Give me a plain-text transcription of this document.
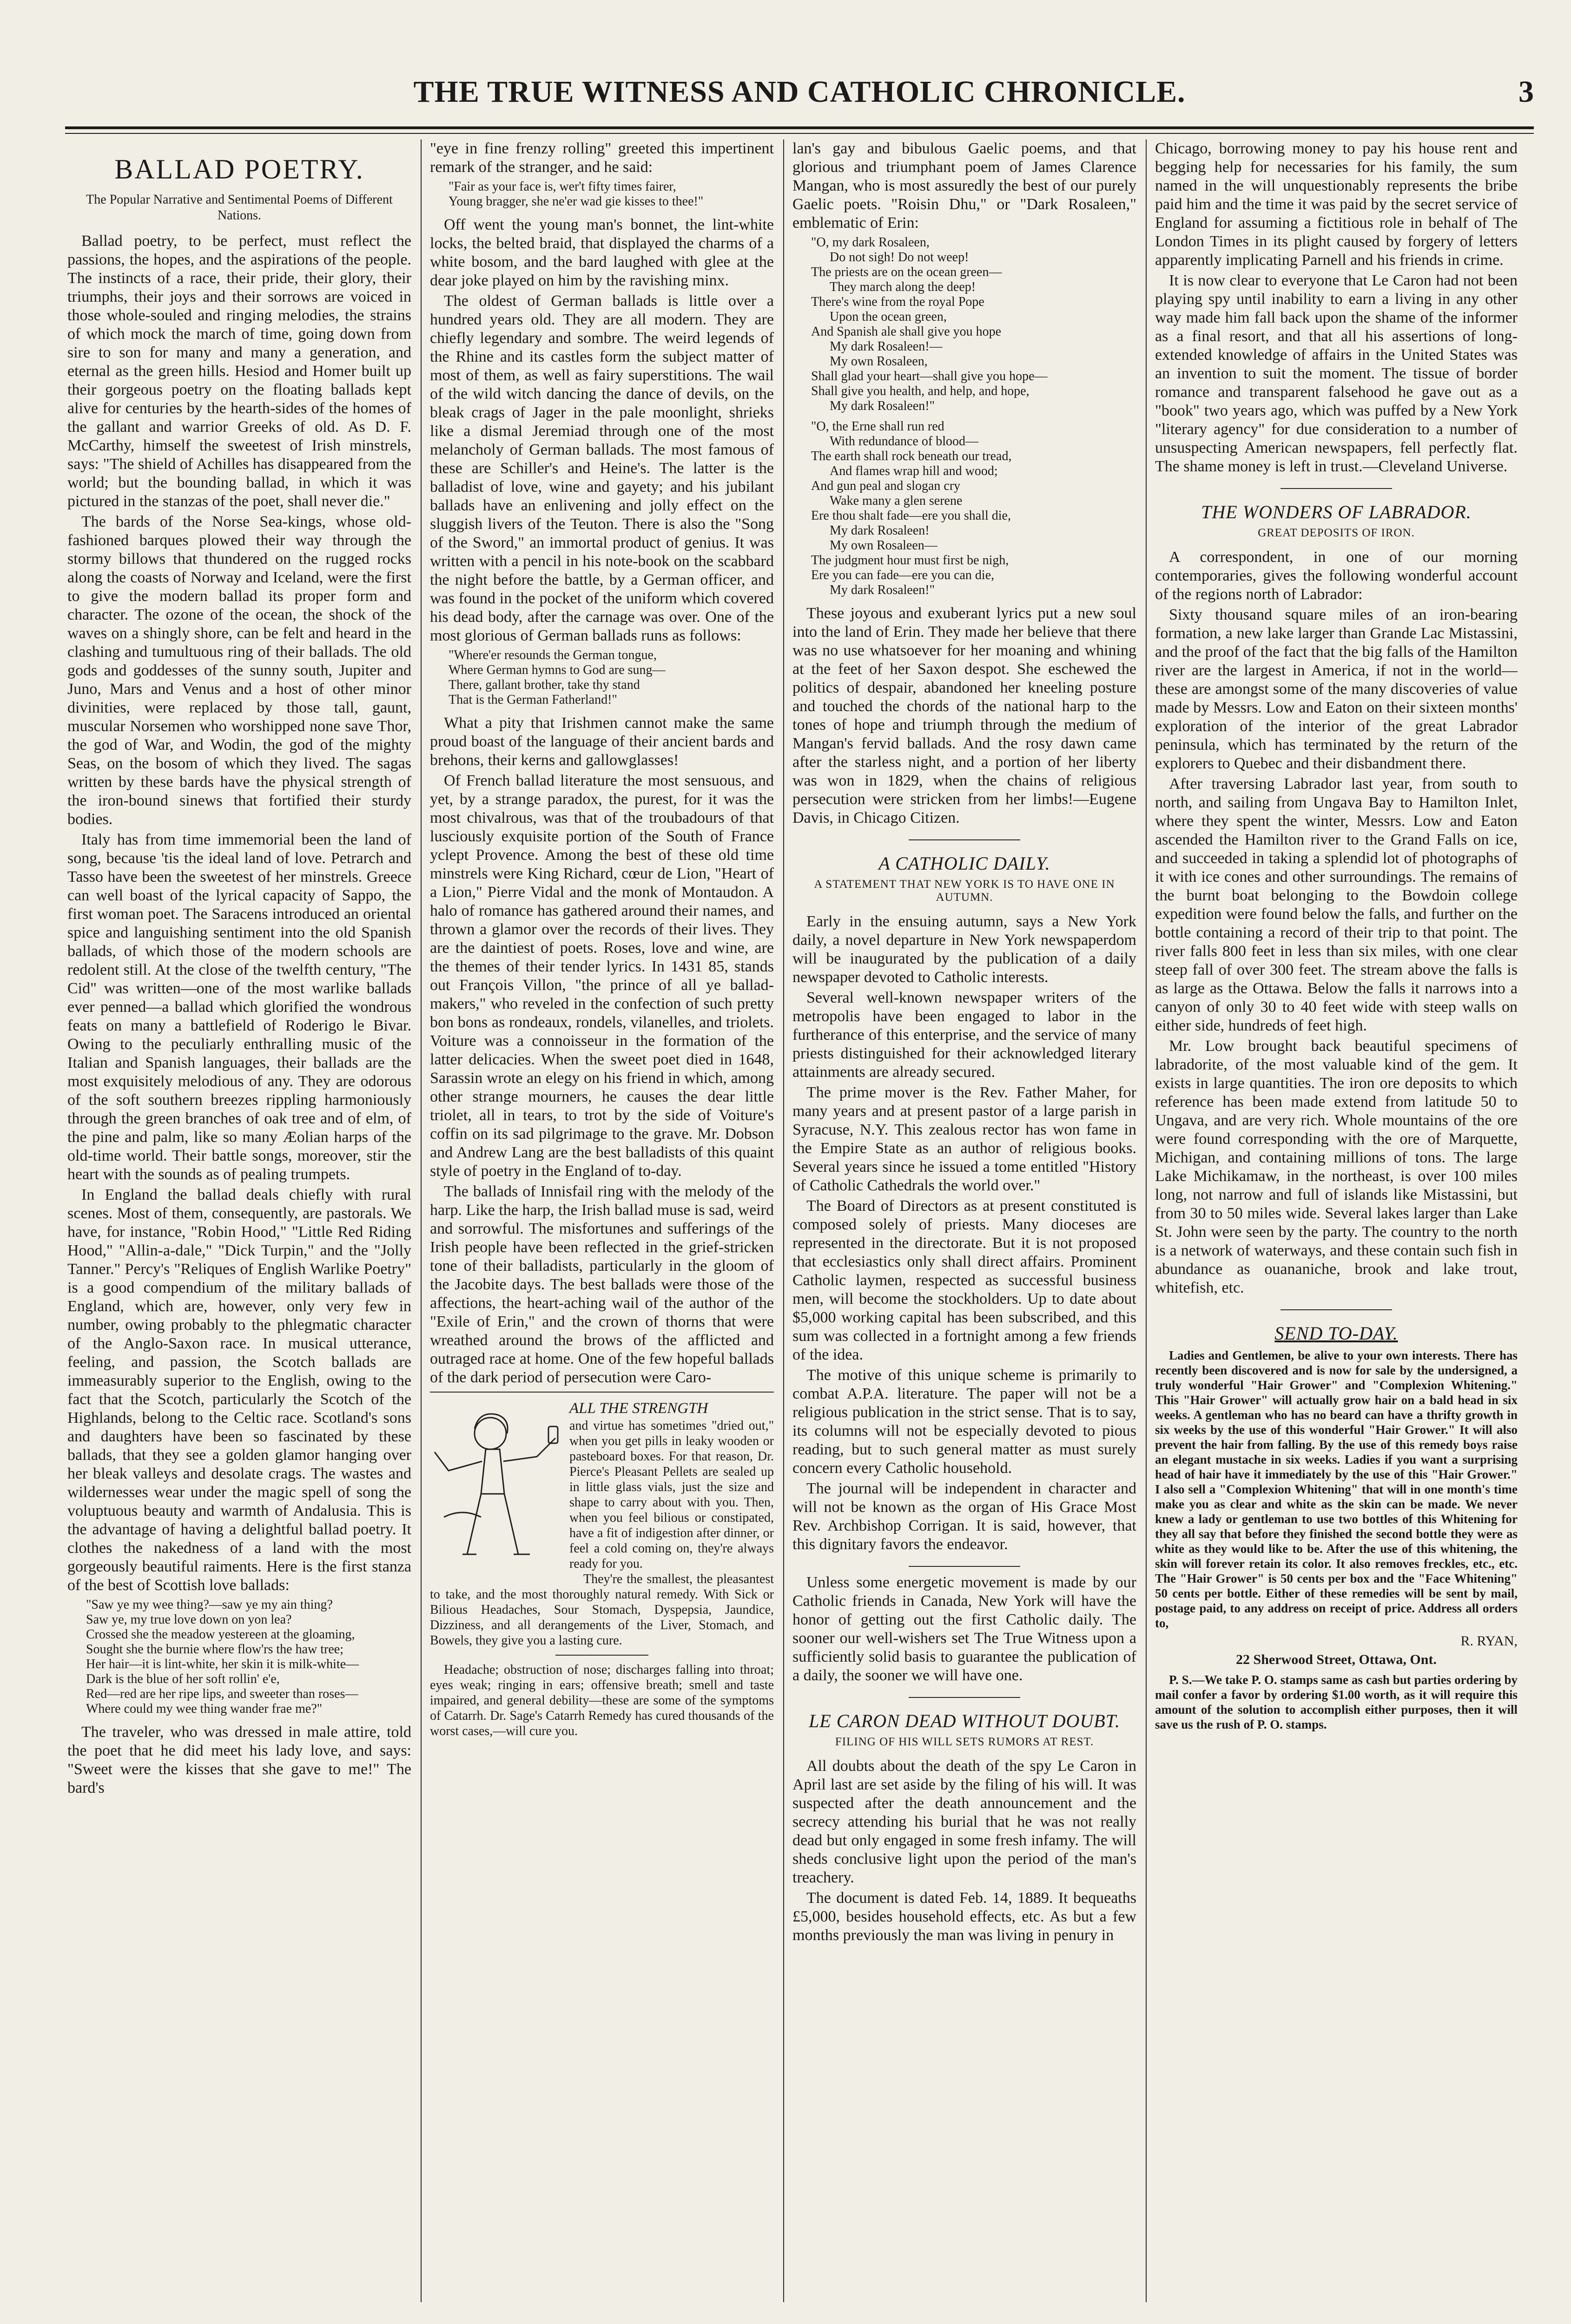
THE TRUE WITNESS AND CATHOLIC CHRONICLE.	3
BALLAD POETRY.
The Popular Narrative and Sentimental Poems of Different Nations.

Ballad poetry, to be perfect, must reflect the passions, the hopes, and the aspirations of the people. The instincts of a race, their pride, their glory, their triumphs, their joys and their sorrows are voiced in those whole-souled and ringing melodies, the strains of which mock the march of time, going down from sire to son for many and many a generation, and eternal as the green hills. Hesiod and Homer built up their gorgeous poetry on the floating ballads kept alive for centuries by the hearth-sides of the homes of the gallant and warrior Greeks of old. As D. F. McCarthy, himself the sweetest of Irish minstrels, says: "The shield of Achilles has disappeared from the world; but the bounding ballad, in which it was pictured in the stanzas of the poet, shall never die."

The bards of the Norse Sea-kings, whose old-fashioned barques plowed their way through the stormy billows that thundered on the rugged rocks along the coasts of Norway and Iceland, were the first to give the modern ballad its proper form and character. The ozone of the ocean, the shock of the waves on a shingly shore, can be felt and heard in the clashing and tumultuous ring of their ballads. The old gods and goddesses of the sunny south, Jupiter and Juno, Mars and Venus and a host of other minor divinities, were replaced by those tall, gaunt, muscular Norsemen who worshipped none save Thor, the god of War, and Wodin, the god of the mighty Seas, on the bosom of which they lived. The sagas written by these bards have the physical strength of the iron-bound sinews that fortified their sturdy bodies.

Italy has from time immemorial been the land of song, because 'tis the ideal land of love. Petrarch and Tasso have been the sweetest of her minstrels. Greece can well boast of the lyrical capacity of Sappo, the first woman poet. The Saracens introduced an oriental spice and languishing sentiment into the old Spanish ballads, of which those of the modern schools are redolent still. At the close of the twelfth century, "The Cid" was written—one of the most warlike ballads ever penned—a ballad which glorified the wondrous feats on many a battlefield of Roderigo le Bivar. Owing to the peculiarly enthralling music of the Italian and Spanish languages, their ballads are the most exquisitely melodious of any. They are odorous of the soft southern breezes rippling harmoniously through the green branches of oak tree and of elm, of the pine and palm, like so many Æolian harps of the old-time world. Their battle songs, moreover, stir the heart with the sounds as of pealing trumpets.

In England the ballad deals chiefly with rural scenes. Most of them, consequently, are pastorals. We have, for instance, "Robin Hood," "Little Red Riding Hood," "Allin-a-dale," "Dick Turpin," and the "Jolly Tanner." Percy's "Reliques of English Warlike Poetry" is a good compendium of the military ballads of England, which are, however, only very few in number, owing probably to the phlegmatic character of the Anglo-Saxon race. In musical utterance, feeling, and passion, the Scotch ballads are immeasurably superior to the English, owing to the fact that the Scotch, particularly the Scotch of the Highlands, belong to the Celtic race. Scotland's sons and daughters have been so fascinated by these ballads, that they see a golden glamor hanging over her bleak valleys and desolate crags. The wastes and wildernesses wear under the magic spell of song the voluptuous beauty and warmth of Andalusia. This is the advantage of having a delightful ballad poetry. It clothes the nakedness of a land with the most gorgeously beautiful raiments. Here is the first stanza of the best of Scottish love ballads:

"Saw ye my wee thing?—saw ye my ain thing?
Saw ye, my true love down on yon lea?
Crossed she the meadow yestereen at the gloaming,
Sought she the burnie where flow'rs the haw tree;
Her hair—it is lint-white, her skin it is milk-white—
Dark is the blue of her soft rollin' e'e,
Red—red are her ripe lips, and sweeter than roses—
Where could my wee thing wander frae me?"

The traveler, who was dressed in male attire, told the poet that he did meet his lady love, and says: "Sweet were the kisses that she gave to me!" The bard's

"eye in fine frenzy rolling" greeted this impertinent remark of the stranger, and he said:

"Fair as your face is, wer't fifty times fairer,
Young bragger, she ne'er wad gie kisses to thee!"

Off went the young man's bonnet, the lint-white locks, the belted braid, that displayed the charms of a white bosom, and the bard laughed with glee at the dear joke played on him by the ravishing minx.

The oldest of German ballads is little over a hundred years old. They are all modern. They are chiefly legendary and sombre. The weird legends of the Rhine and its castles form the subject matter of most of them, as well as fairy superstitions. The wail of the wild witch dancing the dance of devils, on the bleak crags of Jager in the pale moonlight, shrieks like a dismal Jeremiad through one of the most melancholy of German ballads. The most famous of these are Schiller's and Heine's. The latter is the balladist of love, wine and gayety; and his jubilant ballads have an enlivening and jolly effect on the sluggish livers of the Teuton. There is also the "Song of the Sword," an immortal product of genius. It was written with a pencil in his note-book on the scabbard the night before the battle, by a German officer, and was found in the pocket of the uniform which covered his dead body, after the carnage was over. One of the most glorious of German ballads runs as follows:

"Where'er resounds the German tongue,
Where German hymns to God are sung—
There, gallant brother, take thy stand
That is the German Fatherland!"

What a pity that Irishmen cannot make the same proud boast of the language of their ancient bards and brehons, their kerns and gallowglasses!

Of French ballad literature the most sensuous, and yet, by a strange paradox, the purest, for it was the most chivalrous, was that of the troubadours of that lusciously exquisite portion of the South of France yclept Provence. Among the best of these old time minstrels were King Richard, cœur de Lion, "Heart of a Lion," Pierre Vidal and the monk of Montaudon. A halo of romance has gathered around their names, and thrown a glamor over the records of their lives. They are the daintiest of poets. Roses, love and wine, are the themes of their tender lyrics. In 1431 85, stands out François Villon, "the prince of all ye ballad-makers," who reveled in the confection of such pretty bon bons as rondeaux, rondels, vilanelles, and triolets. Voiture was a connoisseur in the formation of the latter delicacies. When the sweet poet died in 1648, Sarassin wrote an elegy on his friend in which, among other strange mourners, he causes the dear little triolet, all in tears, to trot by the side of Voiture's coffin on its sad pilgrimage to the grave. Mr. Dobson and Andrew Lang are the best balladists of this quaint style of poetry in the England of to-day.

The ballads of Innisfail ring with the melody of the harp. Like the harp, the Irish ballad muse is sad, weird and sorrowful. The misfortunes and sufferings of the Irish people have been reflected in the grief-stricken tone of their balladists, particularly in the gloom of the Jacobite days. The best ballads were those of the affections, the heart-aching wail of the author of the "Exile of Erin," and the crown of thorns that were wreathed around the brows of the afflicted and outraged race at home. One of the few hopeful ballads of the dark period of persecution were Caro-

ALL THE STRENGTH
and virtue has sometimes "dried out," when you get pills in leaky wooden or pasteboard boxes. For that reason, Dr. Pierce's Pleasant Pellets are sealed up in little glass vials, just the size and shape to carry about with you. Then, when you feel bilious or constipated, have a fit of indigestion after dinner, or feel a cold coming on, they're always ready for you.
They're the smallest, the pleasantest to take, and the most thoroughly natural remedy. With Sick or Bilious Headaches, Sour Stomach, Dyspepsia, Jaundice, Dizziness, and all derangements of the Liver, Stomach, and Bowels, they give you a lasting cure.
Headache; obstruction of nose; discharges falling into throat; eyes weak; ringing in ears; offensive breath; smell and taste impaired, and general debility—these are some of the symptoms of Catarrh. Dr. Sage's Catarrh Remedy has cured thousands of the worst cases,—will cure you.

lan's gay and bibulous Gaelic poems, and that glorious and triumphant poem of James Clarence Mangan, who is most assuredly the best of our purely Gaelic poets. "Roisin Dhu," or "Dark Rosaleen," emblematic of Erin:

"O, my dark Rosaleen,
Do not sigh! Do not weep!
The priests are on the ocean green—
They march along the deep!
There's wine from the royal Pope
Upon the ocean green,
And Spanish ale shall give you hope
My dark Rosaleen!—
My own Rosaleen,
Shall glad your heart—shall give you hope—
Shall give you health, and help, and hope,
My dark Rosaleen!"
"O, the Erne shall run red
With redundance of blood—
The earth shall rock beneath our tread,
And flames wrap hill and wood;
And gun peal and slogan cry
Wake many a glen serene
Ere thou shalt fade—ere you shall die,
My dark Rosaleen!
My own Rosaleen—
The judgment hour must first be nigh,
Ere you can fade—ere you can die,
My dark Rosaleen!"

These joyous and exuberant lyrics put a new soul into the land of Erin. They made her believe that there was no use whatsoever for her moaning and whining at the feet of her Saxon despot. She eschewed the politics of despair, abandoned her kneeling posture and touched the chords of the national harp to the tones of hope and triumph through the medium of Mangan's fervid ballads. And the rosy dawn came after the starless night, and a portion of her liberty was won in 1829, when the chains of religious persecution were stricken from her limbs!—Eugene Davis, in Chicago Citizen.

A CATHOLIC DAILY.
A STATEMENT THAT NEW YORK IS TO HAVE ONE IN AUTUMN.

Early in the ensuing autumn, says a New York daily, a novel departure in New York newspaperdom will be inaugurated by the publication of a daily newspaper devoted to Catholic interests.

Several well-known newspaper writers of the metropolis have been engaged to labor in the furtherance of this enterprise, and the service of many priests distinguished for their acknowledged literary attainments are already secured.

The prime mover is the Rev. Father Maher, for many years and at present pastor of a large parish in Syracuse, N.Y. This zealous rector has won fame in the Empire State as an author of religious books. Several years since he issued a tome entitled "History of Catholic Cathedrals the world over."

The Board of Directors as at present constituted is composed solely of priests. Many dioceses are represented in the directorate. But it is not proposed that ecclesiastics only shall direct affairs. Prominent Catholic laymen, respected as successful business men, will become the stockholders. Up to date about $5,000 working capital has been subscribed, and this sum was collected in a fortnight among a few friends of the idea.

The motive of this unique scheme is primarily to combat A.P.A. literature. The paper will not be a religious publication in the strict sense. That is to say, its columns will not be especially devoted to pious reading, but to such general matter as must surely concern every Catholic household.

The journal will be independent in character and will not be known as the organ of His Grace Most Rev. Archbishop Corrigan. It is said, however, that this dignitary favors the endeavor.

Unless some energetic movement is made by our Catholic friends in Canada, New York will have the honor of getting out the first Catholic daily. The sooner our well-wishers set The True Witness upon a sufficiently solid basis to guarantee the publication of a daily, the sooner we will have one.

LE CARON DEAD WITHOUT DOUBT.
FILING OF HIS WILL SETS RUMORS AT REST.

All doubts about the death of the spy Le Caron in April last are set aside by the filing of his will. It was suspected after the death announcement and the secrecy attending his burial that he was not really dead but only engaged in some fresh infamy. The will sheds conclusive light upon the period of the man's treachery.

The document is dated Feb. 14, 1889. It bequeaths £5,000, besides household effects, etc. As but a few months previously the man was living in penury in

Chicago, borrowing money to pay his house rent and begging help for necessaries for his family, the sum named in the will unquestionably represents the bribe paid him and the time it was paid by the secret service of England for assuming a fictitious role in behalf of The London Times in its plight caused by forgery of letters apparently implicating Parnell and his friends in crime.

It is now clear to everyone that Le Caron had not been playing spy until inability to earn a living in any other way made him fall back upon the shame of the informer as a final resort, and that all his assertions of long-extended knowledge of affairs in the United States was an invention to suit the moment. The tissue of border romance and transparent falsehood he gave out as a "book" two years ago, which was puffed by a New York "literary agency" for due consideration to a number of unsuspecting American newspapers, fell perfectly flat. The shame money is left in trust.—Cleveland Universe.

THE WONDERS OF LABRADOR.
GREAT DEPOSITS OF IRON.

A correspondent, in one of our morning contemporaries, gives the following wonderful account of the regions north of Labrador:

Sixty thousand square miles of an iron-bearing formation, a new lake larger than Grande Lac Mistassini, and the proof of the fact that the big falls of the Hamilton river are the largest in America, if not in the world—these are amongst some of the many discoveries of value made by Messrs. Low and Eaton on their sixteen months' exploration of the interior of the great Labrador peninsula, which has terminated by the return of the explorers to Quebec and their disbandment there.

After traversing Labrador last year, from south to north, and sailing from Ungava Bay to Hamilton Inlet, where they spent the winter, Messrs. Low and Eaton ascended the Hamilton river to the Grand Falls on ice, and succeeded in taking a splendid lot of photographs of it with ice cones and other surroundings. The remains of the burnt boat belonging to the Bowdoin college expedition were found below the falls, and further on the bottle containing a record of their trip to that point. The river falls 800 feet in less than six miles, with one clear steep fall of over 300 feet. The stream above the falls is as large as the Ottawa. Below the falls it narrows into a canyon of only 30 to 40 feet wide with steep walls on either side, hundreds of feet high.

Mr. Low brought back beautiful specimens of labradorite, of the most valuable kind of the gem. It exists in large quantities. The iron ore deposits to which reference has been made extend from latitude 50 to Ungava, and are very rich. Whole mountains of the ore were found corresponding with the ore of Marquette, Michigan, and containing millions of tons. The large Lake Michikamaw, in the northeast, is over 100 miles long, not narrow and full of islands like Mistassini, but from 30 to 50 miles wide. Several lakes larger than Lake St. John were seen by the party. The country to the north is a network of waterways, and these contain such fish in abundance as ouananiche, brook and lake trout, whitefish, etc.

SEND TO-DAY.

Ladies and Gentlemen, be alive to your own interests. There has recently been discovered and is now for sale by the undersigned, a truly wonderful "Hair Grower" and "Complexion Whitening." This "Hair Grower" will actually grow hair on a bald head in six weeks. A gentleman who has no beard can have a thrifty growth in six weeks by the use of this wonderful "Hair Grower." It will also prevent the hair from falling. By the use of this remedy boys raise an elegant mustache in six weeks. Ladies if you want a surprising head of hair have it immediately by the use of this "Hair Grower." I also sell a "Complexion Whitening" that will in one month's time make you as clear and white as the skin can be made. We never knew a lady or gentleman to use two bottles of this Whitening for they all say that before they finished the second bottle they were as white as they would like to be. After the use of this whitening, the skin will forever retain its color. It also removes freckles, etc., etc. The "Hair Grower" is 50 cents per box and the "Face Whitening" 50 cents per bottle. Either of these remedies will be sent by mail, postage paid, to any address on receipt of price. Address all orders to,

R. RYAN,
22 Sherwood Street, Ottawa, Ont.

P. S.—We take P. O. stamps same as cash but parties ordering by mail confer a favor by ordering $1.00 worth, as it will require this amount of the solution to accomplish either purposes, then it will save us the rush of P. O. stamps.
